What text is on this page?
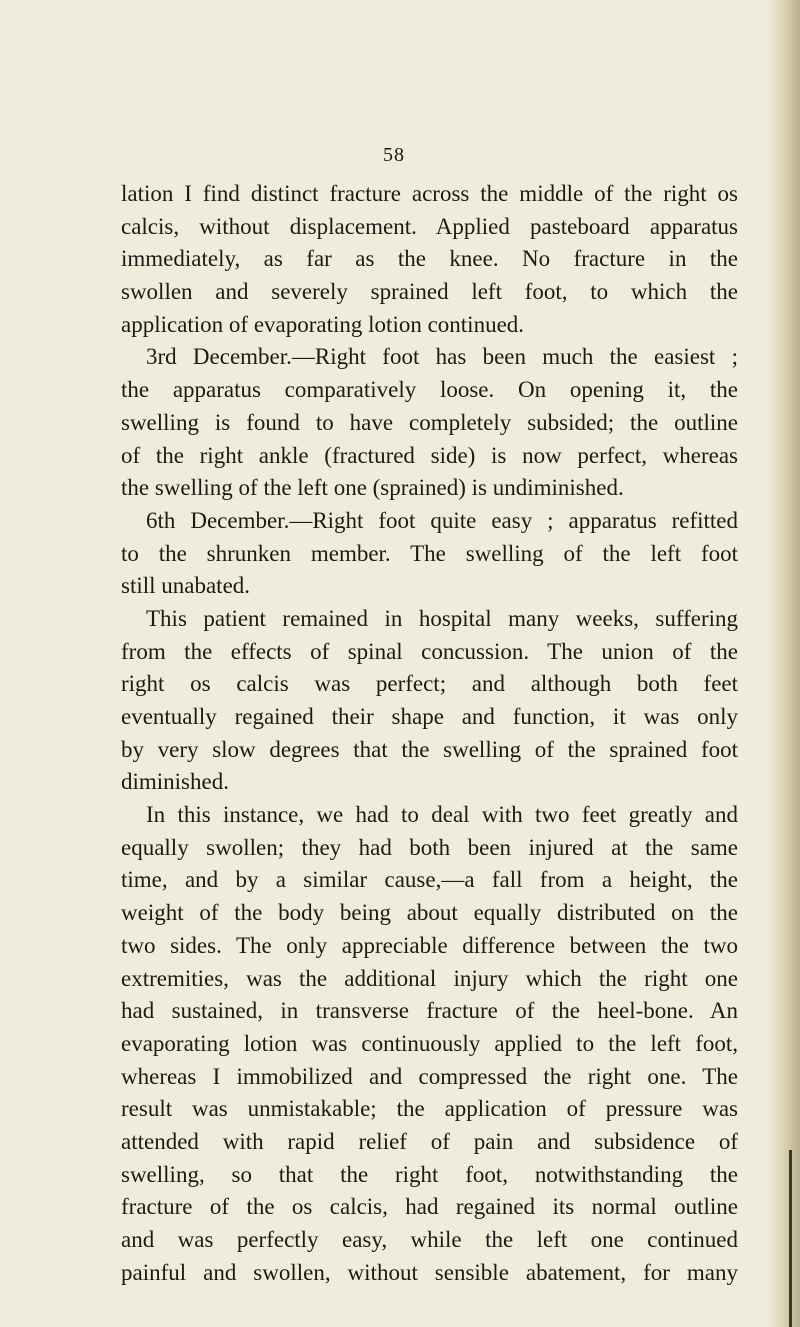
58
lation I find distinct fracture across the middle of the right os
calcis, without displacement. Applied pasteboard apparatus
immediately, as far as the knee. No fracture in the
swollen and severely sprained left foot, to which the
application of evaporating lotion continued.
3rd December.—Right foot has been much the easiest ;
the apparatus comparatively loose. On opening it, the
swelling is found to have completely subsided; the outline
of the right ankle (fractured side) is now perfect, whereas
the swelling of the left one (sprained) is undiminished.
6th December.—Right foot quite easy ; apparatus refitted
to the shrunken member. The swelling of the left foot
still unabated.
This patient remained in hospital many weeks, suffering
from the effects of spinal concussion. The union of the
right os calcis was perfect; and although both feet
eventually regained their shape and function, it was only
by very slow degrees that the swelling of the sprained foot
diminished.
In this instance, we had to deal with two feet greatly and
equally swollen; they had both been injured at the same
time, and by a similar cause,—a fall from a height, the
weight of the body being about equally distributed on the
two sides. The only appreciable difference between the two
extremities, was the additional injury which the right one
had sustained, in transverse fracture of the heel-bone. An
evaporating lotion was continuously applied to the left foot,
whereas I immobilized and compressed the right one. The
result was unmistakable; the application of pressure was
attended with rapid relief of pain and subsidence of
swelling, so that the right foot, notwithstanding the
fracture of the os calcis, had regained its normal outline
and was perfectly easy, while the left one continued
painful and swollen, without sensible abatement, for many
